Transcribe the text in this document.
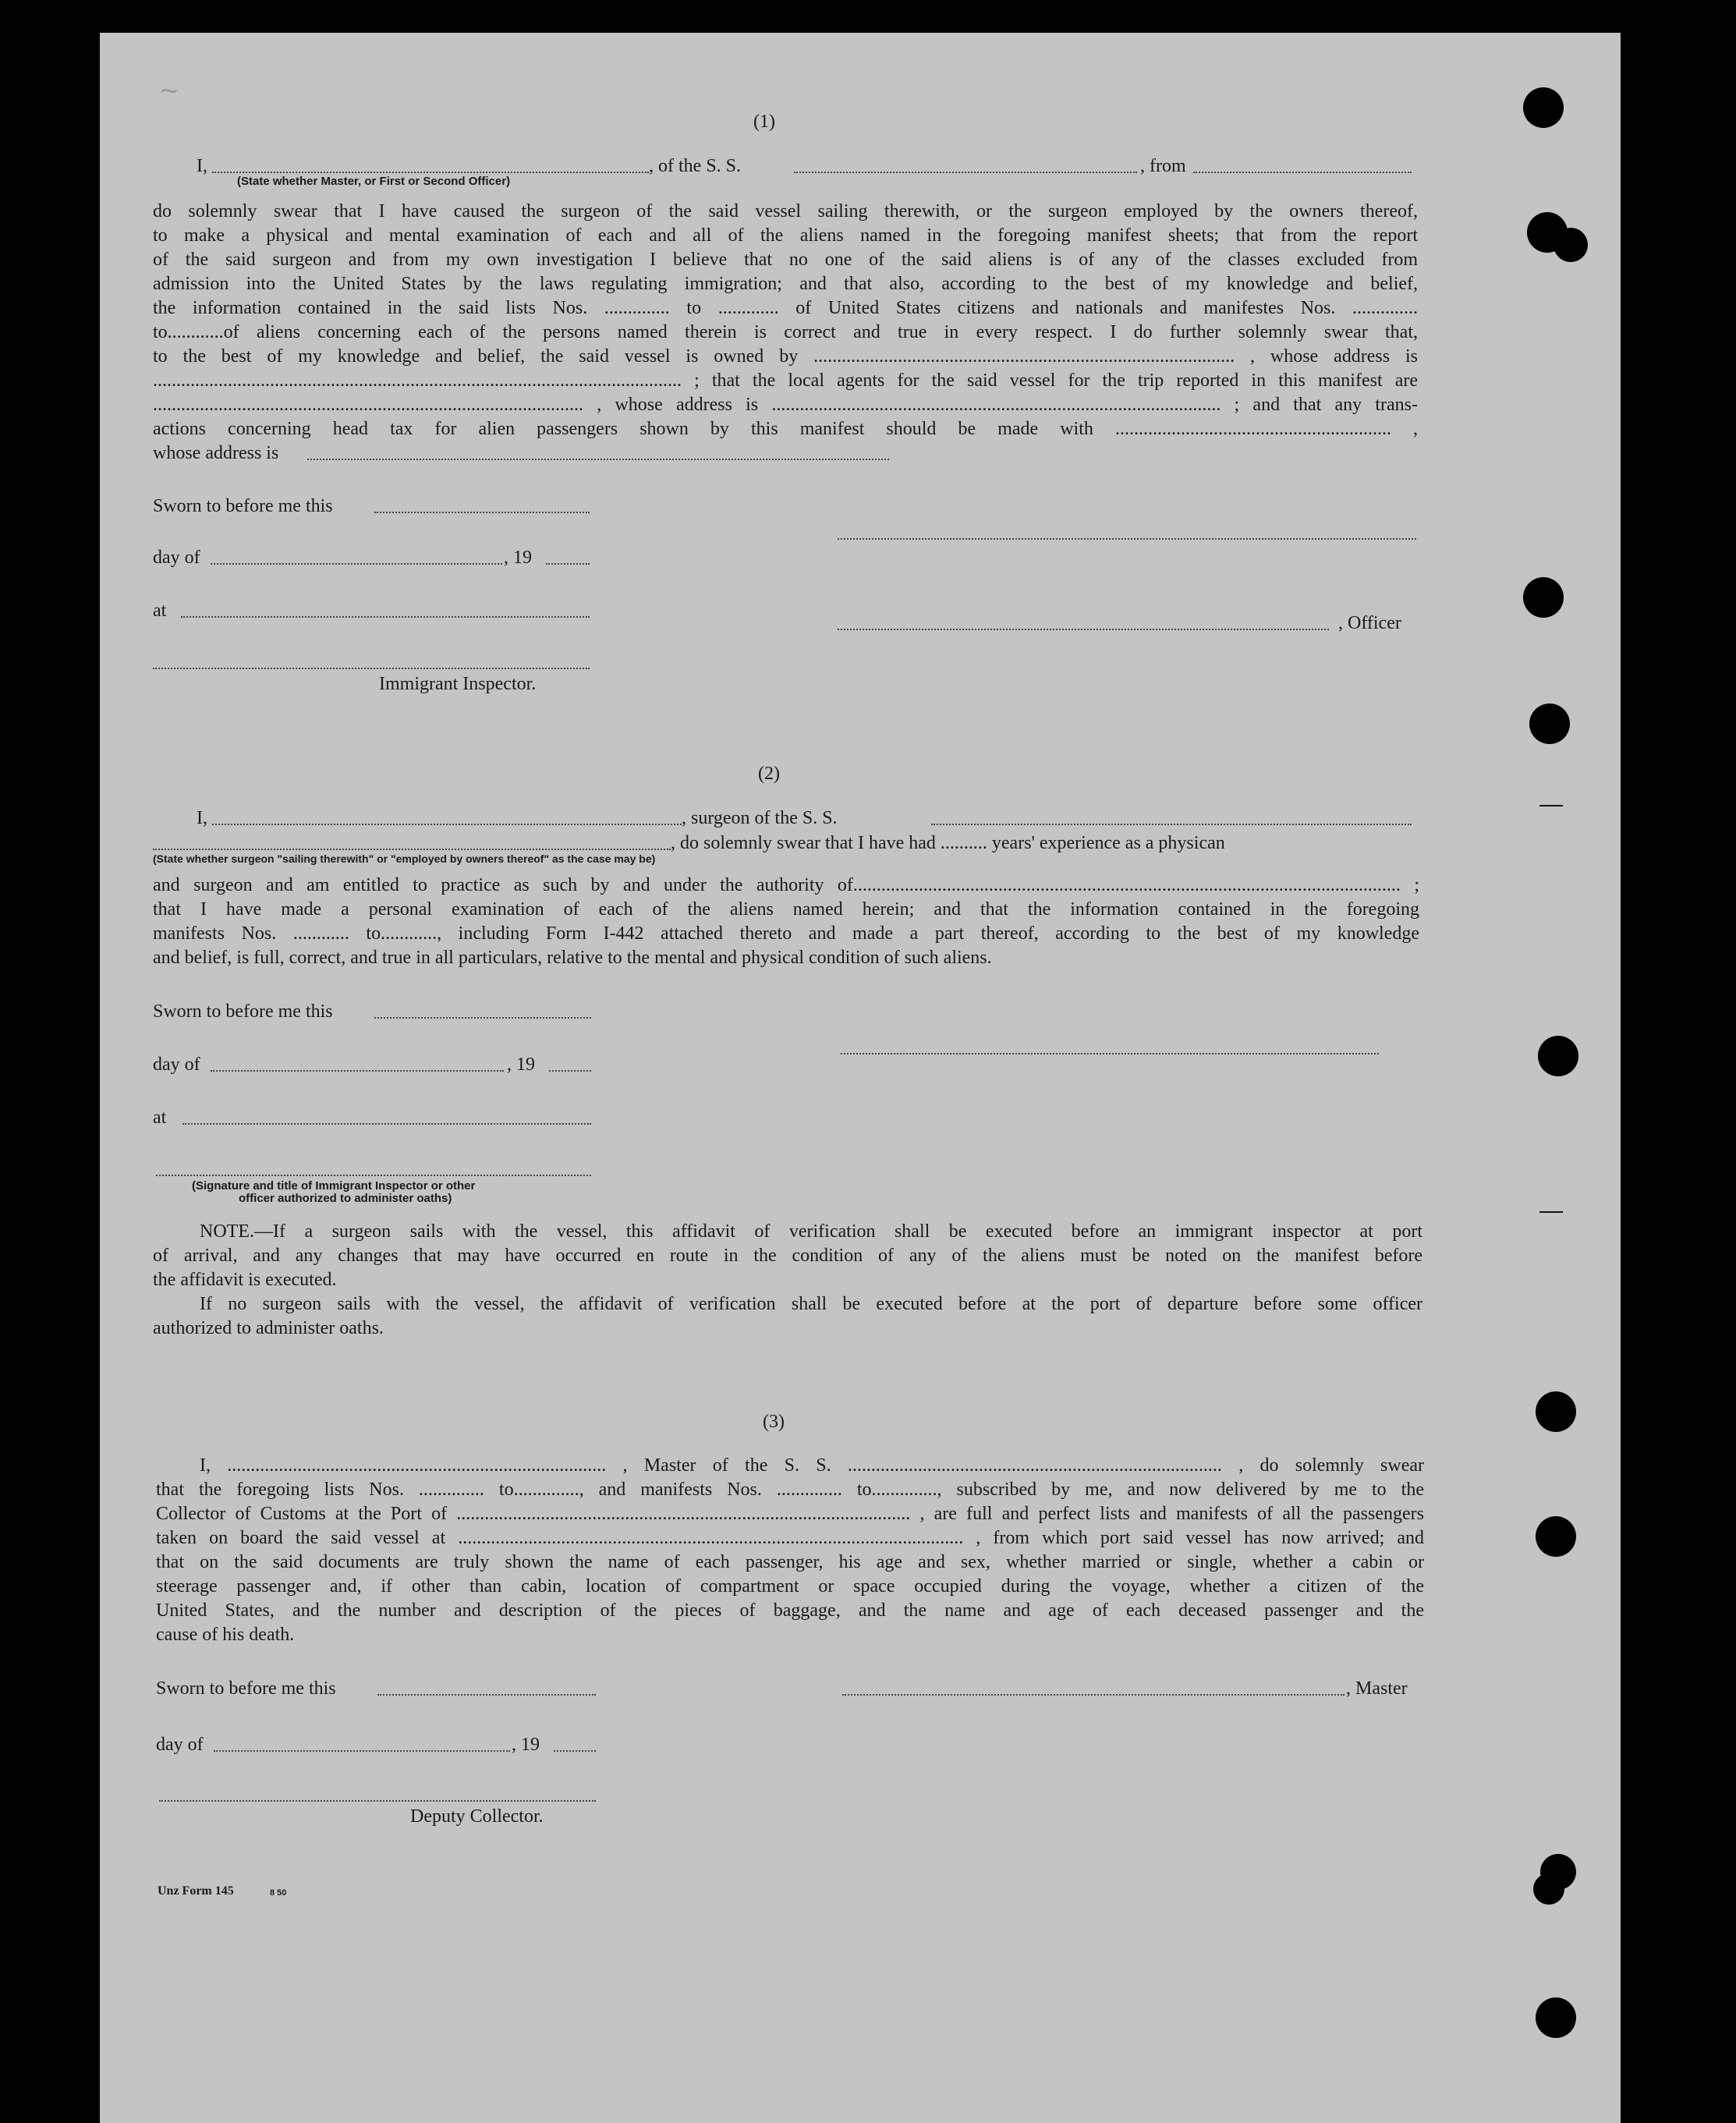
~
(1)
I,	, of the S. S.	, from
(State whether Master, or First or Second Officer)
do solemnly swear that I have caused the surgeon of the said vessel sailing therewith, or the surgeon employed by the owners thereof,
to make a physical and mental examination of each and all of the aliens named in the foregoing manifest sheets; that from the report
of the said surgeon and from my own investigation I believe that no one of the said aliens is of any of the classes excluded from
admission into the United States by the laws regulating immigration; and that also, according to the best of my knowledge and belief,
the information contained in the said lists Nos. .............. to ............. of United States citizens and nationals and manifestes Nos. ..............
to............of aliens concerning each of the persons named therein is correct and true in every respect. I do further solemnly swear that,
to the best of my knowledge and belief, the said vessel is owned by .......................................................................................... , whose address is
................................................................................................................. ; that the local agents for the said vessel for the trip reported in this manifest are
............................................................................................ , whose address is ................................................................................................ ; and that any trans-
actions concerning head tax for alien passengers shown by this manifest should be made with ........................................................... ,
whose address is
Sworn to before me this
day of	, 19
at
, Officer
Immigrant Inspector.
(2)
I,	, surgeon of the S. S.
, do solemnly swear that I have had .......... years' experience as a physican
(State whether surgeon "sailing therewith" or "employed by owners thereof" as the case may be)
and surgeon and am entitled to practice as such by and under the authority of..................................................................................................................... ;
that I have made a personal examination of each of the aliens named herein; and that the information contained in the foregoing
manifests Nos. ............ to............, including Form I-442 attached thereto and made a part thereof, according to the best of my knowledge
and belief, is full, correct, and true in all particulars, relative to the mental and physical condition of such aliens.
Sworn to before me this
day of	, 19
at
(Signature and title of Immigrant Inspector or other
officer authorized to administer oaths)
NOTE.—If a surgeon sails with the vessel, this affidavit of verification shall be executed before an immigrant inspector at port
of arrival, and any changes that may have occurred en route in the condition of any of the aliens must be noted on the manifest before
the affidavit is executed.
If no surgeon sails with the vessel, the affidavit of verification shall be executed before at the port of departure before some officer
authorized to administer oaths.
(3)
I, ................................................................................. , Master of the S. S. ................................................................................ , do solemnly swear
that the foregoing lists Nos. .............. to.............., and manifests Nos. .............. to.............., subscribed by me, and now delivered by me to the
Collector of Customs at the Port of ................................................................................................. , are full and perfect lists and manifests of all the passengers
taken on board the said vessel at ............................................................................................................ , from which port said vessel has now arrived; and
that on the said documents are truly shown the name of each passenger, his age and sex, whether married or single, whether a cabin or
steerage passenger and, if other than cabin, location of compartment or space occupied during the voyage, whether a citizen of the
United States, and the number and description of the pieces of baggage, and the name and age of each deceased passenger and the
cause of his death.
Sworn to before me this	, Master
day of	, 19
Deputy Collector.
Unz Form 145	8 50
